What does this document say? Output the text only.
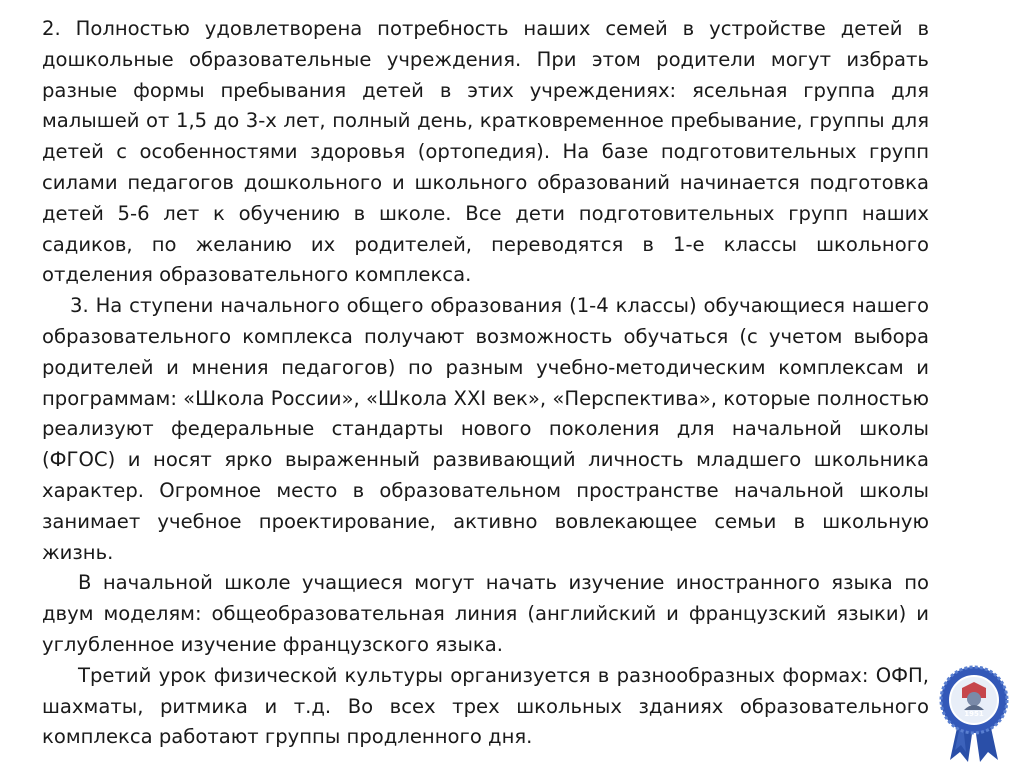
2. Полностью удовлетворена потребность наших семей в устройстве детей в дошкольные образовательные учреждения. При этом родители могут избрать разные формы пребывания детей в этих учреждениях: ясельная группа для малышей от 1,5 до 3-х лет, полный день, кратковременное пребывание, группы для детей с особенностями здоровья (ортопедия). На базе подготовительных групп силами педагогов дошкольного и школьного образований начинается подготовка детей 5-6 лет к обучению в школе. Все дети подготовительных групп наших садиков, по желанию их родителей, переводятся в 1-е классы школьного отделения образовательного комплекса.

3. На ступени начального общего образования (1-4 классы) обучающиеся нашего образовательного комплекса получают возможность обучаться (с учетом выбора родителей и мнения педагогов) по разным учебно-методическим комплексам и программам: «Школа России», «Школа XXI век», «Перспектива», которые полностью реализуют федеральные стандарты нового поколения для начальной школы (ФГОС) и носят ярко выраженный развивающий личность младшего школьника характер. Огромное место в образовательном пространстве начальной школы занимает учебное проектирование, активно вовлекающее семьи в школьную жизнь.

В начальной школе учащиеся могут начать изучение иностранного языка по двум моделям: общеобразовательная линия (английский и французский языки) и углубленное изучение французского языка.

Третий урок физической культуры организуется в разнообразных формах: ОФП, шахматы, ритмика и т.д. Во всех трех школьных зданиях образовательного комплекса работают группы продленного дня.

1951
